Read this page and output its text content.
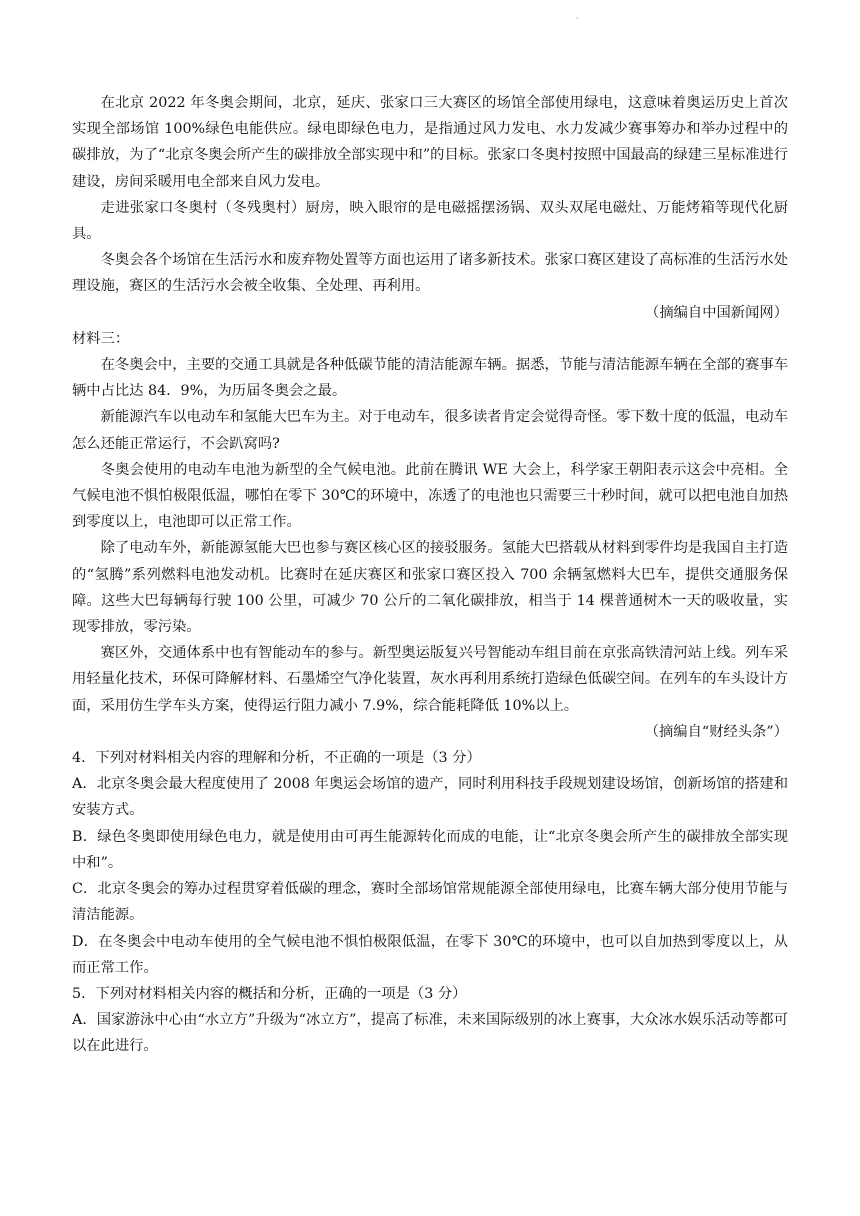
·

在北京 2022 年冬奥会期间，北京，延庆、张家口三大赛区的场馆全部使用绿电，这意味着奥运历史上首次实现全部场馆 100%绿色电能供应。绿电即绿色电力，是指通过风力发电、水力发减少赛事筹办和举办过程中的碳排放，为了“北京冬奥会所产生的碳排放全部实现中和”的目标。张家口冬奥村按照中国最高的绿建三星标准进行建设，房间采暖用电全部来自风力发电。

走进张家口冬奥村（冬残奥村）厨房，映入眼帘的是电磁摇摆汤锅、双头双尾电磁灶、万能烤箱等现代化厨具。

冬奥会各个场馆在生活污水和废弃物处置等方面也运用了诸多新技术。张家口赛区建设了高标准的生活污水处理设施，赛区的生活污水会被全收集、全处理、再利用。

（摘编自中国新闻网）

材料三：

在冬奥会中，主要的交通工具就是各种低碳节能的清洁能源车辆。据悉，节能与清洁能源车辆在全部的赛事车辆中占比达 84．9%，为历届冬奥会之最。

新能源汽车以电动车和氢能大巴车为主。对于电动车，很多读者肯定会觉得奇怪。零下数十度的低温，电动车怎么还能正常运行，不会趴窝吗?

冬奥会使用的电动车电池为新型的全气候电池。此前在腾讯 WE 大会上，科学家王朝阳表示这会中亮相。全气候电池不惧怕极限低温，哪怕在零下 30℃的环境中，冻透了的电池也只需要三十秒时间，就可以把电池自加热到零度以上，电池即可以正常工作。

除了电动车外，新能源氢能大巴也参与赛区核心区的接驳服务。氢能大巴搭载从材料到零件均是我国自主打造的“氢腾”系列燃料电池发动机。比赛时在延庆赛区和张家口赛区投入 700 余辆氢燃料大巴车，提供交通服务保障。这些大巴每辆每行驶 100 公里，可减少 70 公斤的二氧化碳排放，相当于 14 棵普通树木一天的吸收量，实现零排放，零污染。

赛区外，交通体系中也有智能动车的参与。新型奥运版复兴号智能动车组目前在京张高铁清河站上线。列车采用轻量化技术，环保可降解材料、石墨烯空气净化装置，灰水再利用系统打造绿色低碳空间。在列车的车头设计方面，采用仿生学车头方案，使得运行阻力减小 7.9%，综合能耗降低 10%以上。

（摘编自“财经头条”）

4．下列对材料相关内容的理解和分析，不正确的一项是（3 分）

A．北京冬奥会最大程度使用了 2008 年奥运会场馆的遗产，同时利用科技手段规划建设场馆，创新场馆的搭建和安装方式。

B．绿色冬奥即使用绿色电力，就是使用由可再生能源转化而成的电能，让“北京冬奥会所产生的碳排放全部实现中和”。

C．北京冬奥会的筹办过程贯穿着低碳的理念，赛时全部场馆常规能源全部使用绿电，比赛车辆大部分使用节能与清洁能源。

D．在冬奥会中电动车使用的全气候电池不惧怕极限低温，在零下 30℃的环境中，也可以自加热到零度以上，从而正常工作。

5．下列对材料相关内容的概括和分析，正确的一项是（3 分）

A．国家游泳中心由“水立方”升级为“冰立方”，提高了标准，未来国际级别的冰上赛事，大众冰水娱乐活动等都可以在此进行。
